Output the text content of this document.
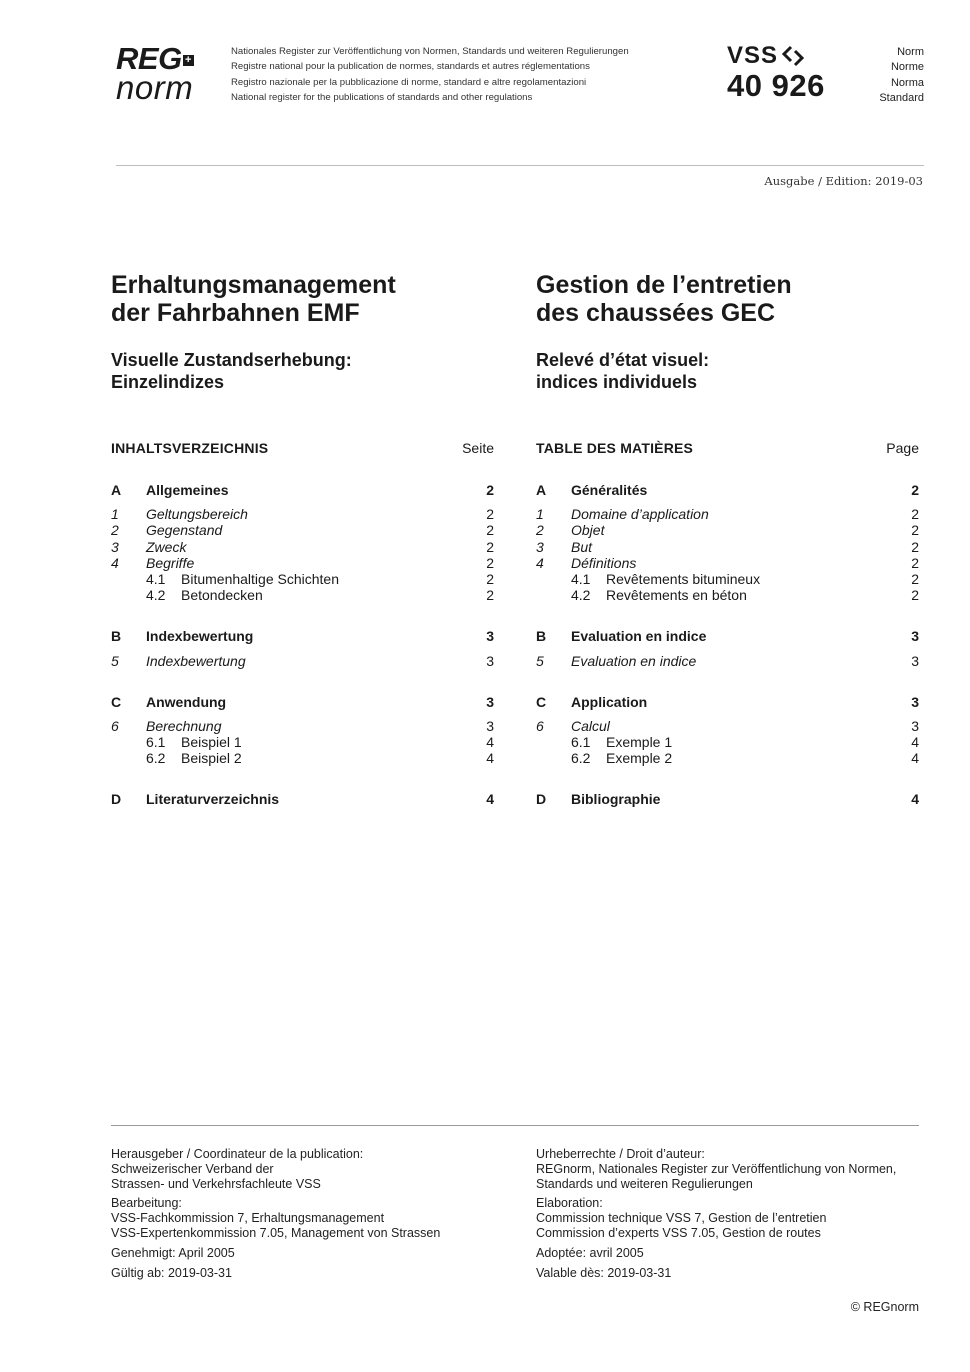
REG +
norm
Nationales Register zur Veröffentlichung von Normen, Standards und weiteren Regulierungen
Registre national pour la publication de normes, standards et autres réglementations
Registro nazionale per la pubblicazione di norme, standard e altre regolamentazioni
National register for the publications of standards and other regulations
VSS
40 926
Norm
Norme
Norma
Standard
Ausgabe / Edition: 2019-03
Erhaltungsmanagement
der Fahrbahnen EMF
Gestion de l’entretien
des chaussées GEC
Visuelle Zustandserhebung:
Einzelindizes
Relevé d’état visuel:
indices individuels
INHALTSVERZEICHNIS	Seite
A Allgemeines	2
1 Geltungsbereich	2
2 Gegenstand	2
3 Zweck	2
4 Begriffe	2
4.1 Bitumenhaltige Schichten	2
4.2 Betondecken	2
B Indexbewertung	3
5 Indexbewertung	3
C Anwendung	3
6 Berechnung	3
6.1 Beispiel 1	4
6.2 Beispiel 2	4
D Literaturverzeichnis	4
TABLE DES MATIÈRES	Page
A Généralités	2
1 Domaine d’application	2
2 Objet	2
3 But	2
4 Définitions	2
4.1 Revêtements bitumineux	2
4.2 Revêtements en béton	2
B Evaluation en indice	3
5 Evaluation en indice	3
C Application	3
6 Calcul	3
6.1 Exemple 1	4
6.2 Exemple 2	4
D Bibliographie	4

Herausgeber / Coordinateur de la publication:
Schweizerischer Verband der
Strassen- und Verkehrsfachleute VSS

Bearbeitung:
VSS-Fachkommission 7, Erhaltungsmanagement
VSS-Expertenkommission 7.05, Management von Strassen

Genehmigt: April 2005

Gültig ab: 2019-03-31

Urheberrechte / Droit d’auteur:
REGnorm, Nationales Register zur Veröffentlichung von Normen,
Standards und weiteren Regulierungen

Elaboration:
Commission technique VSS 7, Gestion de l’entretien
Commission d’experts VSS 7.05, Gestion de routes

Adoptée: avril 2005

Valable dès: 2019-03-31

© REGnorm
